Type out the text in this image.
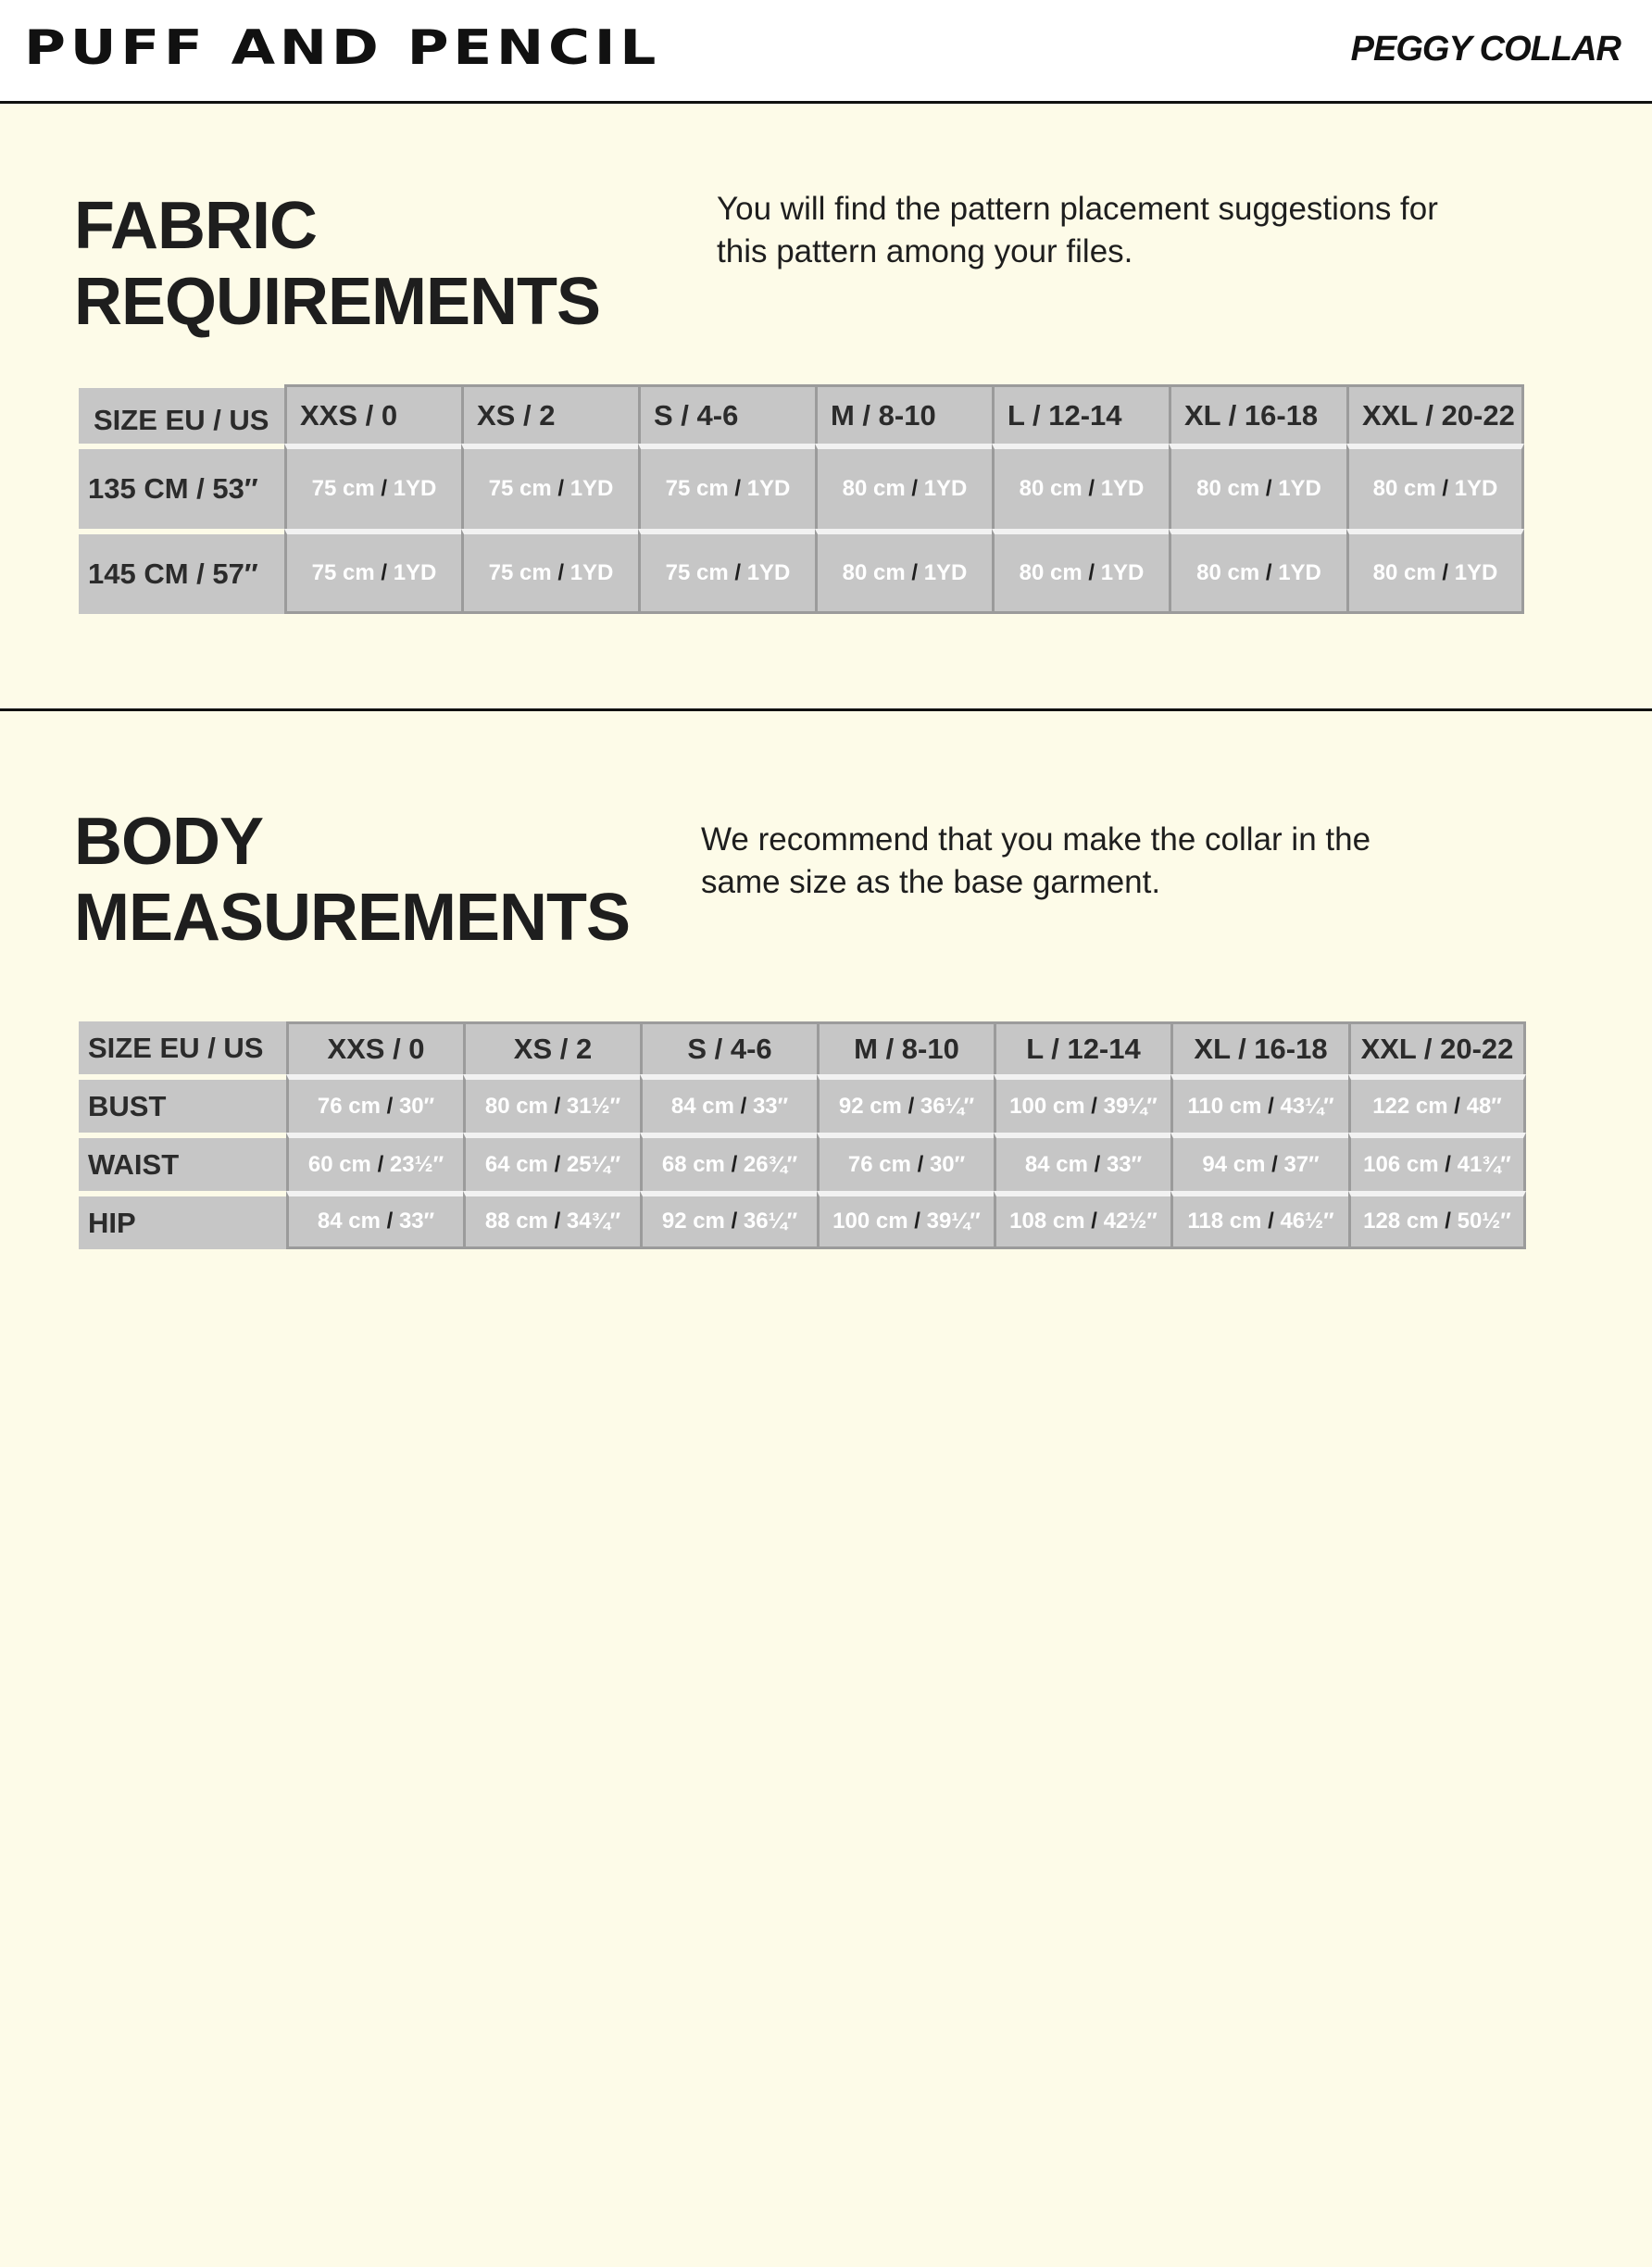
PUFF AND PENCIL	PEGGY COLLAR
FABRIC
REQUIREMENTS
You will find the pattern placement suggestions for
this pattern among your files.
SIZE EU / US	XXS / 0	XS / 2	S / 4-6	M / 8-10	L / 12-14	XL / 16-18	XXL / 20-22
135 CM / 53″	75 cm / 1YD	75 cm / 1YD	75 cm / 1YD	80 cm / 1YD	80 cm / 1YD	80 cm / 1YD	80 cm / 1YD
145 CM / 57″	75 cm / 1YD	75 cm / 1YD	75 cm / 1YD	80 cm / 1YD	80 cm / 1YD	80 cm / 1YD	80 cm / 1YD
BODY
MEASUREMENTS
We recommend that you make the collar in the
same size as the base garment.
SIZE EU / US	XXS / 0	XS / 2	S / 4-6	M / 8-10	L / 12-14	XL / 16-18	XXL / 20-22
BUST	76 cm / 30″	80 cm / 31½″	84 cm / 33″	92 cm / 36¼″	100 cm / 39¼″	110 cm / 43¼″	122 cm / 48″
WAIST	60 cm / 23½″	64 cm / 25¼″	68 cm / 26¾″	76 cm / 30″	84 cm / 33″	94 cm / 37″	106 cm / 41¾″
HIP	84 cm / 33″	88 cm / 34¾″	92 cm / 36¼″	100 cm / 39¼″	108 cm / 42½″	118 cm / 46½″	128 cm / 50½″
